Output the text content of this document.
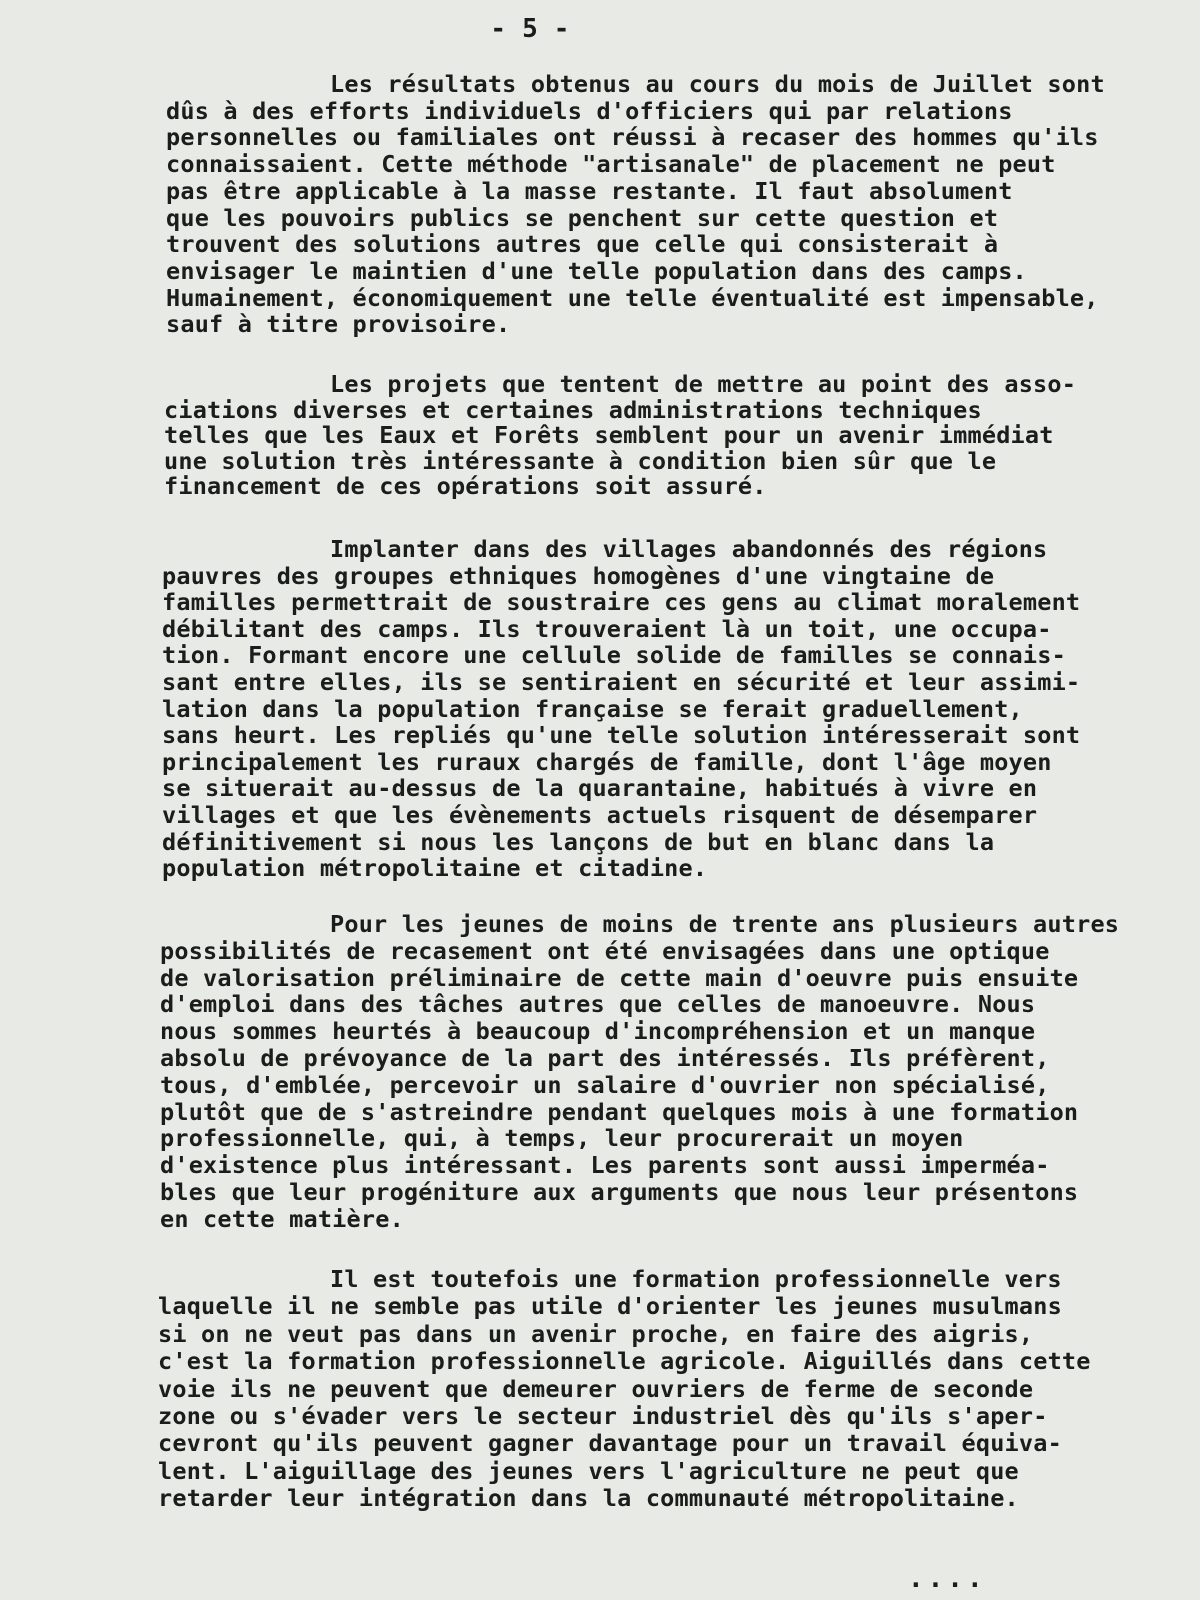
- 5 -
Les résultats obtenus au cours du mois de Juillet sont
dûs à des efforts individuels d'officiers qui par relations
personnelles ou familiales ont réussi à recaser des hommes qu'ils
connaissaient. Cette méthode "artisanale" de placement ne peut
pas être applicable à la masse restante. Il faut absolument
que les pouvoirs publics se penchent sur cette question et
trouvent des solutions autres que celle qui consisterait à
envisager le maintien d'une telle population dans des camps.
Humainement, économiquement une telle éventualité est impensable,
sauf à titre provisoire.
Les projets que tentent de mettre au point des asso-
ciations diverses et certaines administrations techniques
telles que les Eaux et Forêts semblent pour un avenir immédiat
une solution très intéressante à condition bien sûr que le
financement de ces opérations soit assuré.
Implanter dans des villages abandonnés des régions
pauvres des groupes ethniques homogènes d'une vingtaine de
familles permettrait de soustraire ces gens au climat moralement
débilitant des camps. Ils trouveraient là un toit, une occupa-
tion. Formant encore une cellule solide de familles se connais-
sant entre elles, ils se sentiraient en sécurité et leur assimi-
lation dans la population française se ferait graduellement,
sans heurt. Les repliés qu'une telle solution intéresserait sont
principalement les ruraux chargés de famille, dont l'âge moyen
se situerait au-dessus de la quarantaine, habitués à vivre en
villages et que les évènements actuels risquent de désemparer
définitivement si nous les lançons de but en blanc dans la
population métropolitaine et citadine.
Pour les jeunes de moins de trente ans plusieurs autres
possibilités de recasement ont été envisagées dans une optique
de valorisation préliminaire de cette main d'oeuvre puis ensuite
d'emploi dans des tâches autres que celles de manoeuvre. Nous
nous sommes heurtés à beaucoup d'incompréhension et un manque
absolu de prévoyance de la part des intéressés. Ils préfèrent,
tous, d'emblée, percevoir un salaire d'ouvrier non spécialisé,
plutôt que de s'astreindre pendant quelques mois à une formation
professionnelle, qui, à temps, leur procurerait un moyen
d'existence plus intéressant. Les parents sont aussi imperméa-
bles que leur progéniture aux arguments que nous leur présentons
en cette matière.
Il est toutefois une formation professionnelle vers
laquelle il ne semble pas utile d'orienter les jeunes musulmans
si on ne veut pas dans un avenir proche, en faire des aigris,
c'est la formation professionnelle agricole. Aiguillés dans cette
voie ils ne peuvent que demeurer ouvriers de ferme de seconde
zone ou s'évader vers le secteur industriel dès qu'ils s'aper-
cevront qu'ils peuvent gagner davantage pour un travail équiva-
lent. L'aiguillage des jeunes vers l'agriculture ne peut que
retarder leur intégration dans la communauté métropolitaine.
....
